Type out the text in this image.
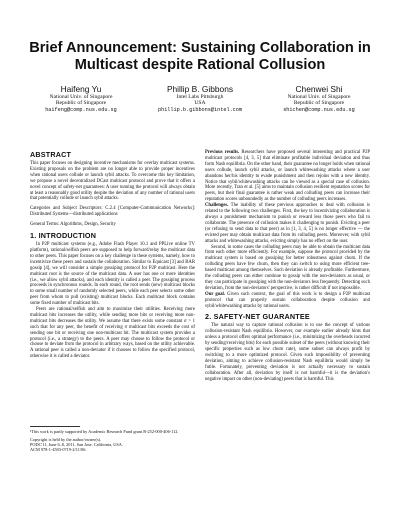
Brief Announcement: Sustaining Collaboration in
Multicast despite Rational Collusion
Haifeng Yu
National Univ. of Singapore
Republic of Singapore
haifeng@comp.nus.edu.sg
Phillip B. Gibbons
Intel Labs Pittsburgh
USA
phillip.b.gibbons@intel.com
Chenwei Shi
National Univ. of Singapore
Republic of Singapore
shichen@comp.nus.edu.sg
ABSTRACT

This paper focuses on designing incentive mechanisms for overlay multicast systems. Existing proposals on the problem are no longer able to provide proper incentives when rational users collude or launch sybil attacks. To overcome this key limitation, we propose a novel decentralized DCast multicast protocol and prove that it offers a novel concept of safety-net guarantees: A user running the protocol will always obtain at least a reasonably good utility despite the deviation of any number of rational users that potentially collude or launch sybil attacks.

Categories and Subject Descriptors: C.2.4 [Computer-Communication Networks]: Distributed Systems—distributed applications

General Terms: Algorithms, Design, Security

1. INTRODUCTION

In P2P multicast systems (e.g., Adobe Flash Player 10.1 and PPLive online TV platform), rational/selfish peers are supposed to help forward/relay the multicast data to other peers. This paper focuses on a key challenge in these systems, namely, how to incentivize these peers and sustain the collaboration. Similar to Equicast [3] and BAR gossip [4], we will consider a simple gossiping protocol for P2P multicast. Here the multicast root is the source of the multicast data. A user has one or more identities (i.e., we allow sybil attacks), and each identity is called a peer. The gossiping process proceeds in synchronous rounds. In each round, the root sends (new) multicast blocks to some small number of randomly selected peers, while each peer selects some other peer from whom to pull (existing) multicast blocks. Each multicast block contains some fixed number of multicast bits.

Peers are rational/selfish and aim to maximize their utilities. Receiving more multicast bits increases the utility, while sending more bits or receiving more non-multicast bits decreases the utility. We assume that there exists some constant σ > 1 such that for any peer, the benefit of receiving σ multicast bits exceeds the cost of sending one bit or receiving one non-multicast bit. The multicast system provides a protocol (i.e., a strategy) to the peers. A peer may choose to follow the protocol or choose to deviate from the protocol in arbitrary ways, based on the utility achievable. A rational peer is called a non-deviator if it chooses to follow the specified protocol, otherwise it is called a deviator.

¹This work is partly supported by Academic Research Fund grant R-252-000-406-112.
Copyright is held by the author/owner(s).
PODC'11, June 6–8, 2011, San Jose, California, USA.
ACM 978-1-4503-0719-2/11/06.

Previous results. Researchers have proposed several interesting and practical P2P multicast protocols [4, 3, 5] that eliminate profitable individual deviation and thus form Nash equilibria. On the other hand, their guarantee no longer holds when rational users collude, launch sybil attacks, or launch whitewashing attacks where a user abandons her/his identity to evade punishment and then rejoins with a new identity. Notice that sybil/whitewashing attacks can be viewed as a special case of collusion. More recently, Tran et al. [5] aims to maintain collusion resilient reputation scores for peers, but their final guarantee is rather weak and colluding peers can increase their reputation scores unboundedly as the number of colluding peers increases.

Challenges. The inability of these previous approaches to deal with collusion is related to the following two challenges. First, the key to incentivizing collaboration is always a punishment mechanism to punish or reward less those peers who fail to collaborate. The presence of collusion makes it challenging to punish. Evicting a peer (or refusing to send data to that peer) as in [1, 3, 4, 5] is no longer effective — the evicted peer may obtain multicast data from its colluding peers. Moreover, with sybil attacks and whitewashing attacks, evicting simply has no effect on the user.

Second, in some cases the colluding peers may be able to obtain the multicast data from each other more efficiently. For example, suppose the protocol provided by the multicast system is based on gossiping for better robustness against churn. If the colluding peers have few churn, then they can switch to using more efficient tree-based multicast among themselves. Such deviation is already profitable. Furthermore, the colluding peers can either continue to gossip with the non-deviators as usual, or they can participate in gossiping with the non-deviators less frequently. Detecting such deviation, from the non-deviators' perspective, is rather difficult if not impossible.

Our goal. Given such context, the goal of this work is to design a P2P multicast protocol that can properly sustain collaboration despite collusion and sybil/whitewashing attacks by rational users.

2. SAFETY-NET GUARANTEE

The natural way to capture rational collusion is to use the concept of various collusion-resistant Nash equilibria. However, our example earlier already hints that unless a protocol offers optimal performance (i.e., minimizing the overheads incurred by sending/receiving bits) for each possible subset of the peers (without knowing their specific properties such as low churn rate), some subset can always profit by switching to a more optimized protocol. Given such impossibility of preventing deviation, aiming to achieve collusion-resistant Nash equilibria would simply be futile. Fortunately, preventing deviation is not actually necessary to sustain collaboration. After all, deviation by itself is not harmful—it is the deviation's negative impact on other (non-deviating) peers that is harmful. This
